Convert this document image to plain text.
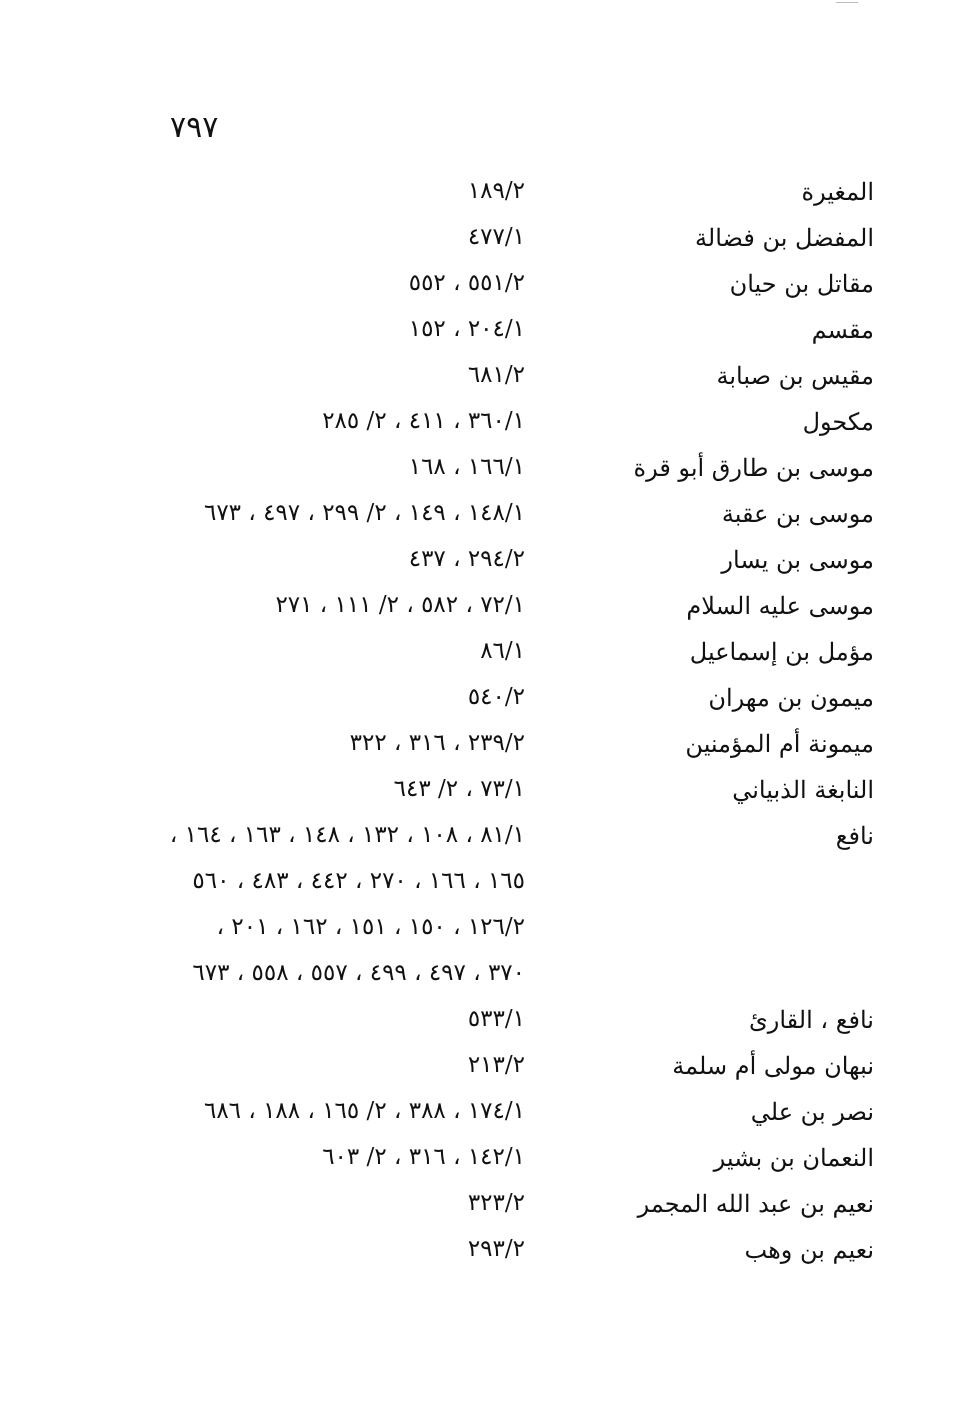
٧٩٧
المغيرة
١٨٩/٢
المفضل بن فضالة
٤٧٧/١
مقاتل بن حيان
٥٥١/٢ ، ٥٥٢
مقسم
٢٠٤/١ ، ١٥٢
مقيس بن صبابة
٦٨١/٢
مكحول
٣٦٠/١ ، ٤١١ ، ٢/ ٢٨٥
موسى بن طارق أبو قرة
١٦٦/١ ، ١٦٨
موسى بن عقبة
١٤٨/١ ، ١٤٩ ، ٢/ ٢٩٩ ، ٤٩٧ ، ٦٧٣
موسى بن يسار
٢٩٤/٢ ، ٤٣٧
موسى عليه السلام
٧٢/١ ، ٥٨٢ ، ٢/ ١١١ ، ٢٧١
مؤمل بن إسماعيل
٨٦/١
ميمون بن مهران
٥٤٠/٢
ميمونة أم المؤمنين
٢٣٩/٢ ، ٣١٦ ، ٣٢٢
النابغة الذبياني
٧٣/١ ، ٢/ ٦٤٣
نافع
٨١/١ ، ١٠٨ ، ١٣٢ ، ١٤٨ ، ١٦٣ ، ١٦٤ ،
١٦٥ ، ١٦٦ ، ٢٧٠ ، ٤٤٢ ، ٤٨٣ ، ٥٦٠
١٢٦/٢ ، ١٥٠ ، ١٥١ ، ١٦٢ ، ٢٠١ ،
٣٧٠ ، ٤٩٧ ، ٤٩٩ ، ٥٥٧ ، ٥٥٨ ، ٦٧٣
نافع ، القارئ
٥٣٣/١
نبهان مولى أم سلمة
٢١٣/٢
نصر بن علي
١٧٤/١ ، ٣٨٨ ، ٢/ ١٦٥ ، ١٨٨ ، ٦٨٦
النعمان بن بشير
١٤٢/١ ، ٣١٦ ، ٢/ ٦٠٣
نعيم بن عبد الله المجمر
٣٢٣/٢
نعيم بن وهب
٢٩٣/٢
